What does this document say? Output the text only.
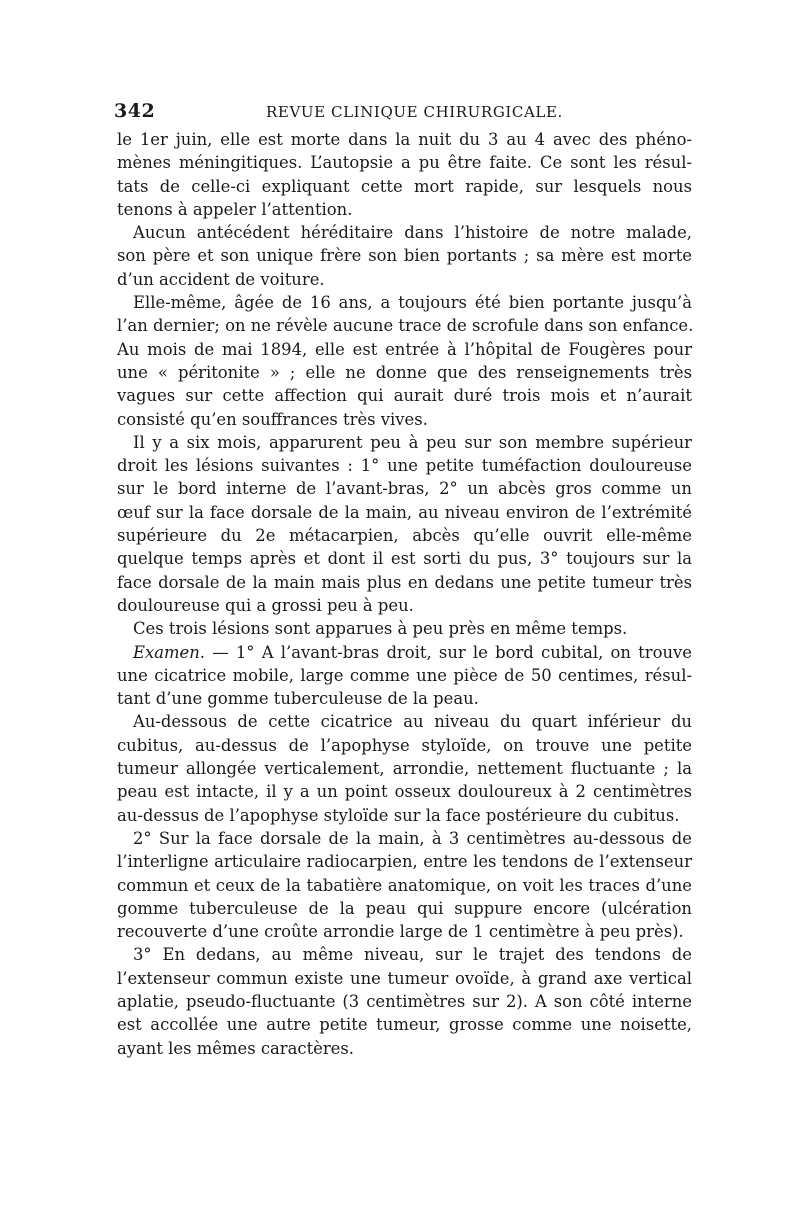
342	REVUE CLINIQUE CHIRURGICALE.
le 1er juin, elle est morte dans la nuit du 3 au 4 avec des phéno-
mènes méningitiques. L’autopsie a pu être faite. Ce sont les résul-
tats de celle-ci expliquant cette mort rapide, sur lesquels nous
tenons à appeler l’attention.
Aucun antécédent héréditaire dans l’histoire de notre malade,
son père et son unique frère son bien portants ; sa mère est morte
d’un accident de voiture.
Elle-même, âgée de 16 ans, a toujours été bien portante jusqu’à
l’an dernier; on ne révèle aucune trace de scrofule dans son enfance.
Au mois de mai 1894, elle est entrée à l’hôpital de Fougères pour
une « péritonite » ; elle ne donne que des renseignements très
vagues sur cette affection qui aurait duré trois mois et n’aurait
consisté qu’en souffrances très vives.
Il y a six mois, apparurent peu à peu sur son membre supérieur
droit les lésions suivantes : 1° une petite tuméfaction douloureuse
sur le bord interne de l’avant-bras, 2° un abcès gros comme un
œuf sur la face dorsale de la main, au niveau environ de l’extrémité
supérieure du 2e métacarpien, abcès qu’elle ouvrit elle-même
quelque temps après et dont il est sorti du pus, 3° toujours sur la
face dorsale de la main mais plus en dedans une petite tumeur très
douloureuse qui a grossi peu à peu.
Ces trois lésions sont apparues à peu près en même temps.
Examen. — 1° A l’avant-bras droit, sur le bord cubital, on trouve
une cicatrice mobile, large comme une pièce de 50 centimes, résul-
tant d’une gomme tuberculeuse de la peau.
Au-dessous de cette cicatrice au niveau du quart inférieur du
cubitus, au-dessus de l’apophyse styloïde, on trouve une petite
tumeur allongée verticalement, arrondie, nettement fluctuante ; la
peau est intacte, il y a un point osseux douloureux à 2 centimètres
au-dessus de l’apophyse styloïde sur la face postérieure du cubitus.
2° Sur la face dorsale de la main, à 3 centimètres au-dessous de
l’interligne articulaire radiocarpien, entre les tendons de l’extenseur
commun et ceux de la tabatière anatomique, on voit les traces d’une
gomme tuberculeuse de la peau qui suppure encore (ulcération
recouverte d’une croûte arrondie large de 1 centimètre à peu près).
3° En dedans, au même niveau, sur le trajet des tendons de
l’extenseur commun existe une tumeur ovoïde, à grand axe vertical
aplatie, pseudo-fluctuante (3 centimètres sur 2). A son côté interne
est accollée une autre petite tumeur, grosse comme une noisette,
ayant les mêmes caractères.
